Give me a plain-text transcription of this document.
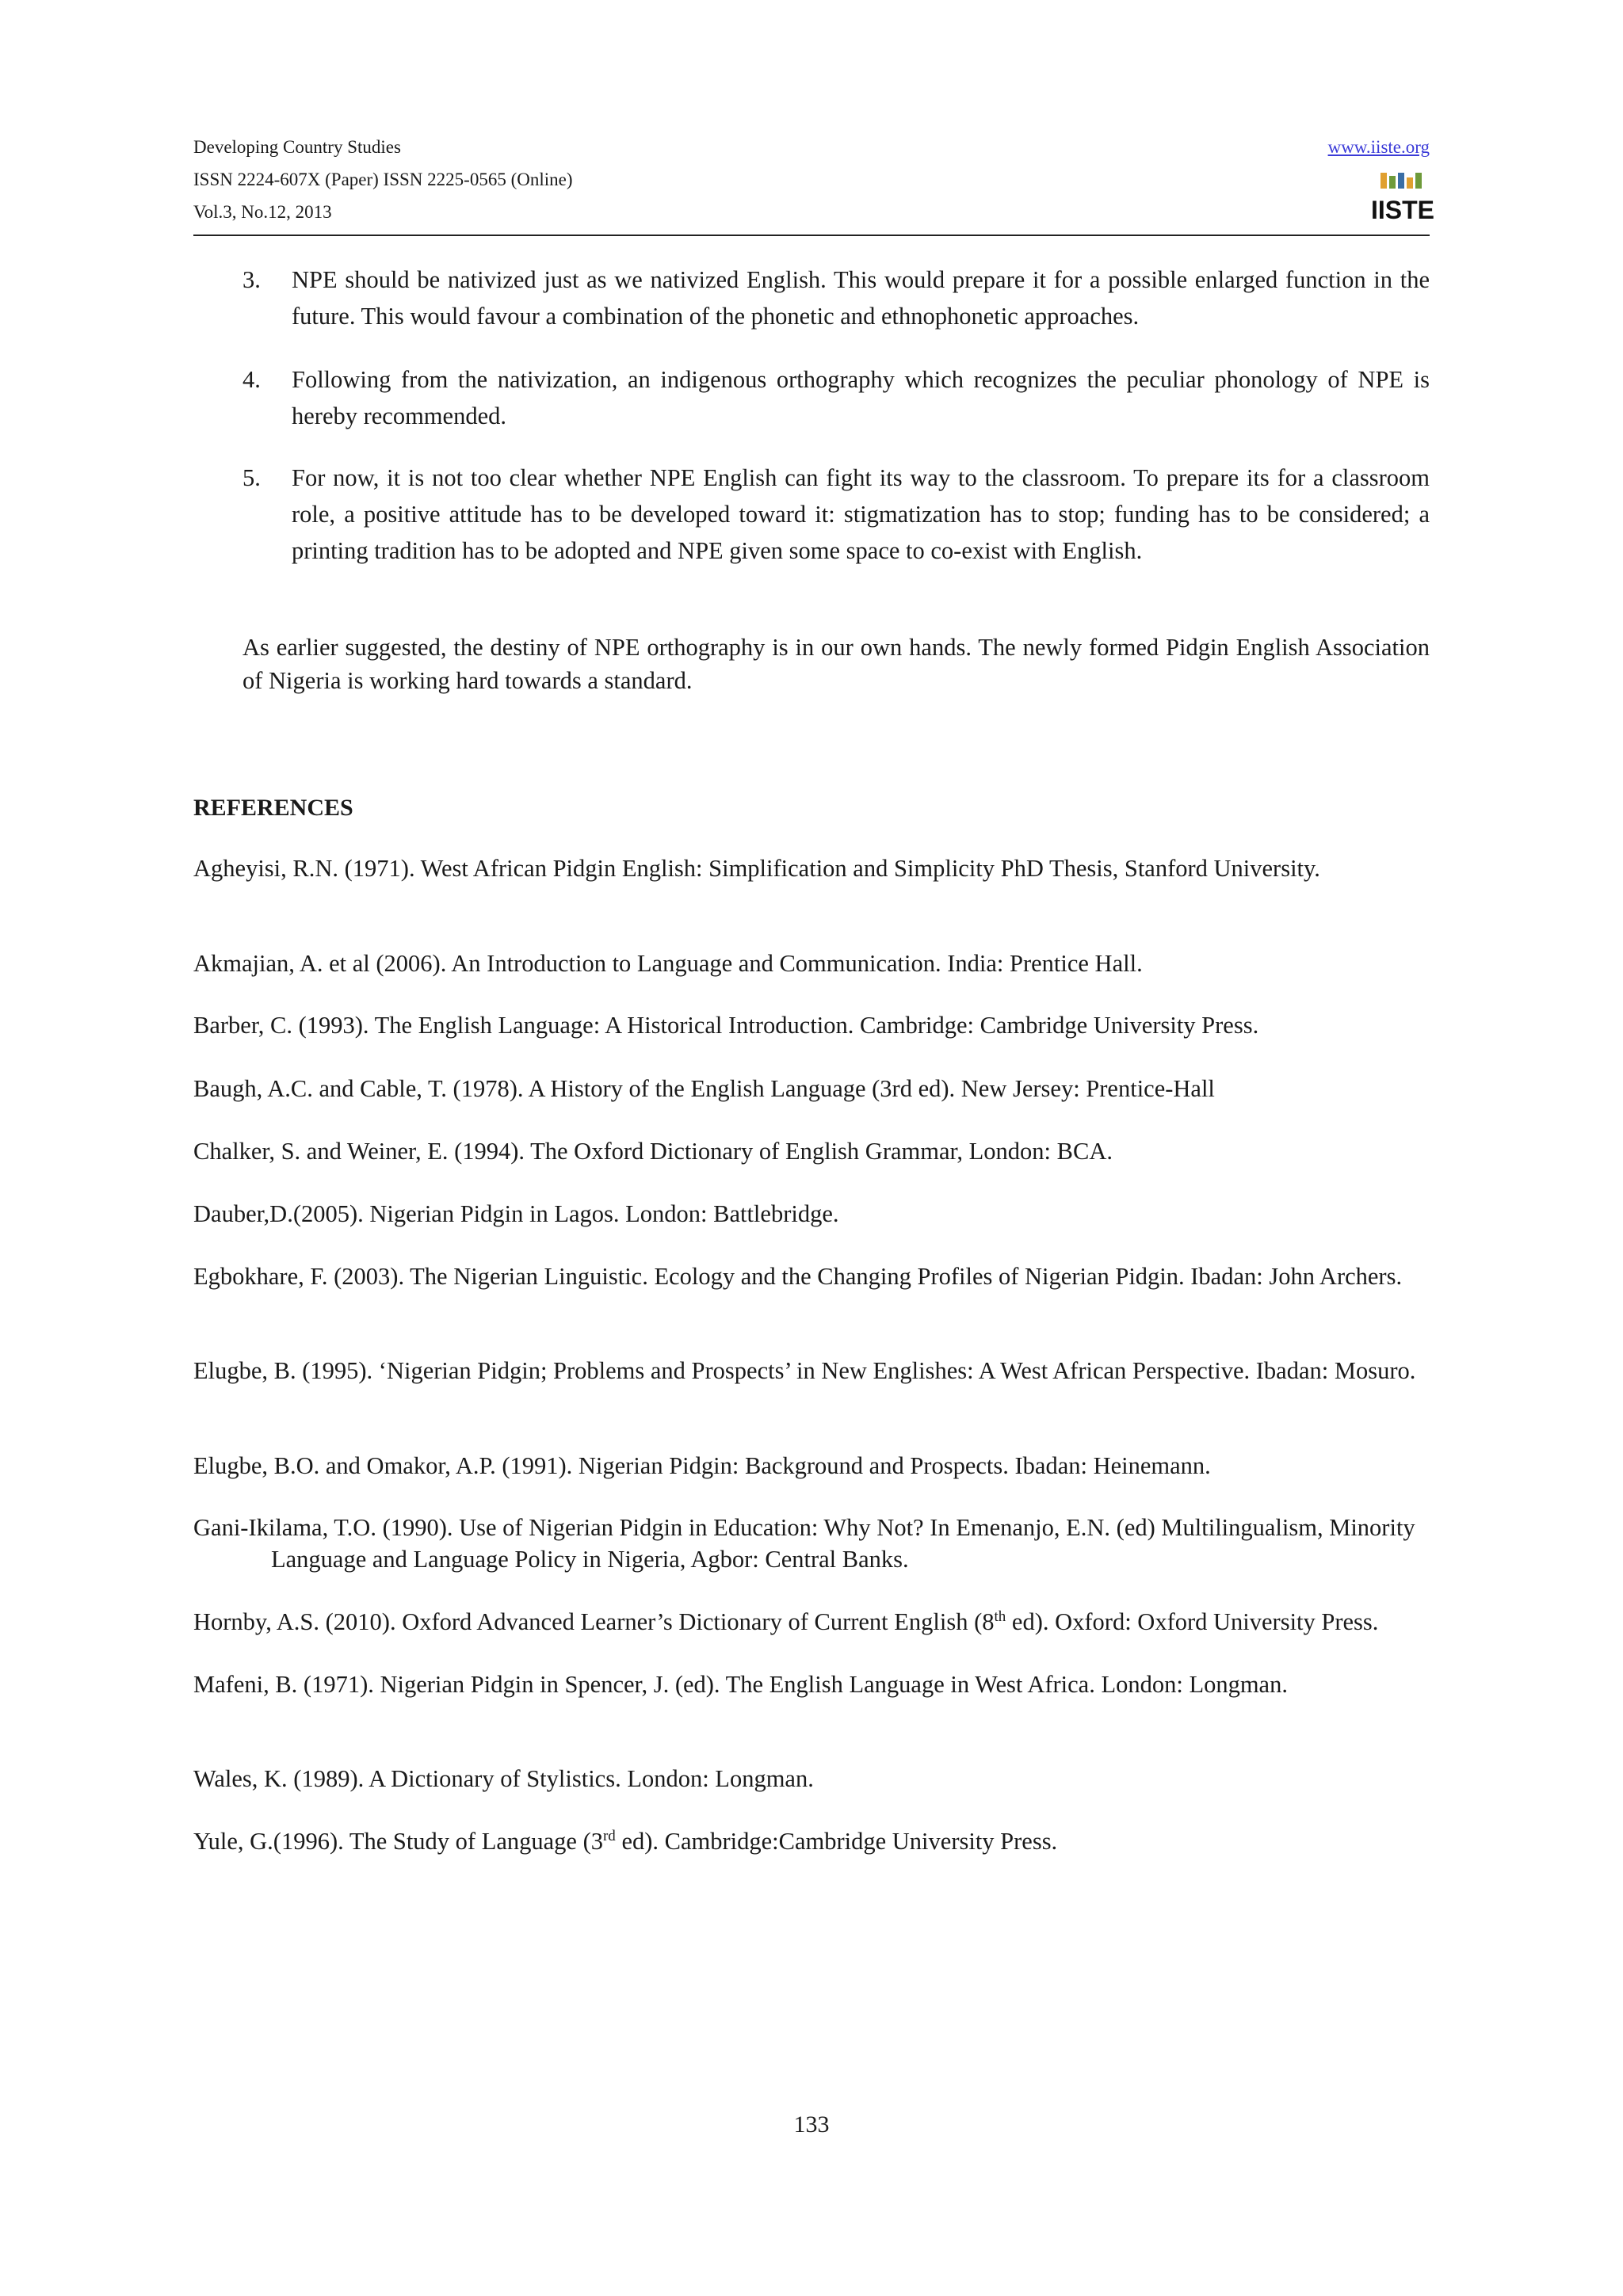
Developing Country Studies
ISSN 2224-607X (Paper) ISSN 2225-0565 (Online)
Vol.3, No.12, 2013
www.iiste.org
IISTE
3. NPE should be nativized just as we nativized English. This would prepare it for a possible enlarged function in the future. This would favour a combination of the phonetic and ethnophonetic approaches.
4. Following from the nativization, an indigenous orthography which recognizes the peculiar phonology of NPE is hereby recommended.
5. For now, it is not too clear whether NPE English can fight its way to the classroom. To prepare its for a classroom role, a positive attitude has to be developed toward it: stigmatization has to stop; funding has to be considered; a printing tradition has to be adopted and NPE given some space to co-exist with English.
As earlier suggested, the destiny of NPE orthography is in our own hands. The newly formed Pidgin English Association of Nigeria is working hard towards a standard.
REFERENCES
Agheyisi, R.N. (1971). West African Pidgin English: Simplification and Simplicity PhD Thesis, Stanford University.
Akmajian, A. et al (2006). An Introduction to Language and Communication. India: Prentice Hall.
Barber, C. (1993). The English Language: A Historical Introduction. Cambridge: Cambridge University Press.
Baugh, A.C. and Cable, T. (1978). A History of the English Language (3rd ed). New Jersey: Prentice-Hall
Chalker, S. and Weiner, E. (1994). The Oxford Dictionary of English Grammar, London: BCA.
Dauber,D.(2005). Nigerian Pidgin in Lagos. London: Battlebridge.
Egbokhare, F. (2003). The Nigerian Linguistic. Ecology and the Changing Profiles of Nigerian Pidgin. Ibadan: John Archers.
Elugbe, B. (1995). ‘Nigerian Pidgin; Problems and Prospects’ in New Englishes: A West African Perspective. Ibadan: Mosuro.
Elugbe, B.O. and Omakor, A.P. (1991). Nigerian Pidgin: Background and Prospects. Ibadan: Heinemann.
Gani-Ikilama, T.O. (1990). Use of Nigerian Pidgin in Education: Why Not? In Emenanjo, E.N. (ed) Multilingualism, Minority Language and Language Policy in Nigeria, Agbor: Central Banks.
Hornby, A.S. (2010). Oxford Advanced Learner’s Dictionary of Current English (8th ed). Oxford: Oxford University Press.
Mafeni, B. (1971). Nigerian Pidgin in Spencer, J. (ed). The English Language in West Africa. London: Longman.
Wales, K. (1989). A Dictionary of Stylistics. London: Longman.
Yule, G.(1996). The Study of Language (3rd ed). Cambridge:Cambridge University Press.
133
